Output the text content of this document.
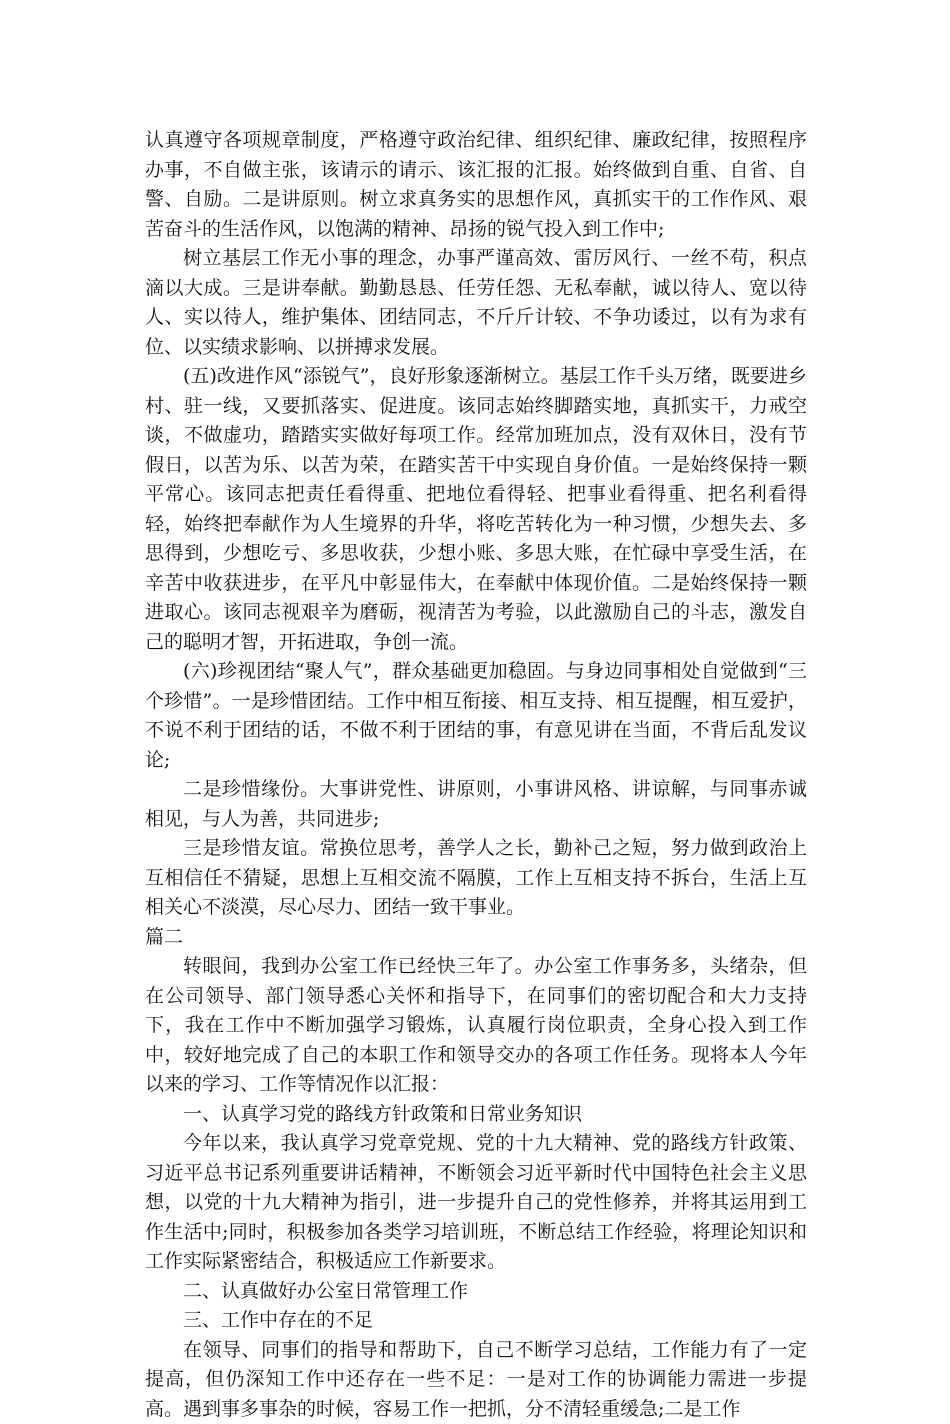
认真遵守各项规章制度，严格遵守政治纪律、组织纪律、廉政纪律，按照程序办事，不自做主张，该请示的请示、该汇报的汇报。始终做到自重、自省、自警、自励。二是讲原则。树立求真务实的思想作风，真抓实干的工作作风、艰苦奋斗的生活作风，以饱满的精神、昂扬的锐气投入到工作中;

树立基层工作无小事的理念，办事严谨高效、雷厉风行、一丝不苟，积点滴以大成。三是讲奉献。勤勤恳恳、任劳任怨、无私奉献，诚以待人、宽以待人、实以待人，维护集体、团结同志，不斤斤计较、不争功诿过，以有为求有位、以实绩求影响、以拼搏求发展。

(五)改进作风“添锐气”，良好形象逐渐树立。基层工作千头万绪，既要进乡村、驻一线，又要抓落实、促进度。该同志始终脚踏实地，真抓实干，力戒空谈，不做虚功，踏踏实实做好每项工作。经常加班加点，没有双休日，没有节假日，以苦为乐、以苦为荣，在踏实苦干中实现自身价值。一是始终保持一颗平常心。该同志把责任看得重、把地位看得轻、把事业看得重、把名利看得轻，始终把奉献作为人生境界的升华，将吃苦转化为一种习惯，少想失去、多思得到，少想吃亏、多思收获，少想小账、多思大账，在忙碌中享受生活，在辛苦中收获进步，在平凡中彰显伟大，在奉献中体现价值。二是始终保持一颗进取心。该同志视艰辛为磨砺，视清苦为考验，以此激励自己的斗志，激发自己的聪明才智，开拓进取，争创一流。

(六)珍视团结“聚人气”，群众基础更加稳固。与身边同事相处自觉做到“三个珍惜”。一是珍惜团结。工作中相互衔接、相互支持、相互提醒，相互爱护，不说不利于团结的话，不做不利于团结的事，有意见讲在当面，不背后乱发议论;

二是珍惜缘份。大事讲党性、讲原则，小事讲风格、讲谅解，与同事赤诚相见，与人为善，共同进步;

三是珍惜友谊。常换位思考，善学人之长，勤补己之短，努力做到政治上互相信任不猜疑，思想上互相交流不隔膜，工作上互相支持不拆台，生活上互相关心不淡漠，尽心尽力、团结一致干事业。

篇二

转眼间，我到办公室工作已经快三年了。办公室工作事务多，头绪杂，但在公司领导、部门领导悉心关怀和指导下，在同事们的密切配合和大力支持下，我在工作中不断加强学习锻炼，认真履行岗位职责，全身心投入到工作中，较好地完成了自己的本职工作和领导交办的各项工作任务。现将本人今年以来的学习、工作等情况作以汇报：

一、认真学习党的路线方针政策和日常业务知识

今年以来，我认真学习党章党规、党的十九大精神、党的路线方针政策、习近平总书记系列重要讲话精神，不断领会习近平新时代中国特色社会主义思想，以党的十九大精神为指引，进一步提升自己的党性修养，并将其运用到工作生活中;同时，积极参加各类学习培训班，不断总结工作经验，将理论知识和工作实际紧密结合，积极适应工作新要求。

二、认真做好办公室日常管理工作

三、工作中存在的不足

在领导、同事们的指导和帮助下，自己不断学习总结，工作能力有了一定提高，但仍深知工作中还存在一些不足：一是对工作的协调能力需进一步提高。遇到事多事杂的时候，容易工作一把抓，分不清轻重缓急;二是工作
